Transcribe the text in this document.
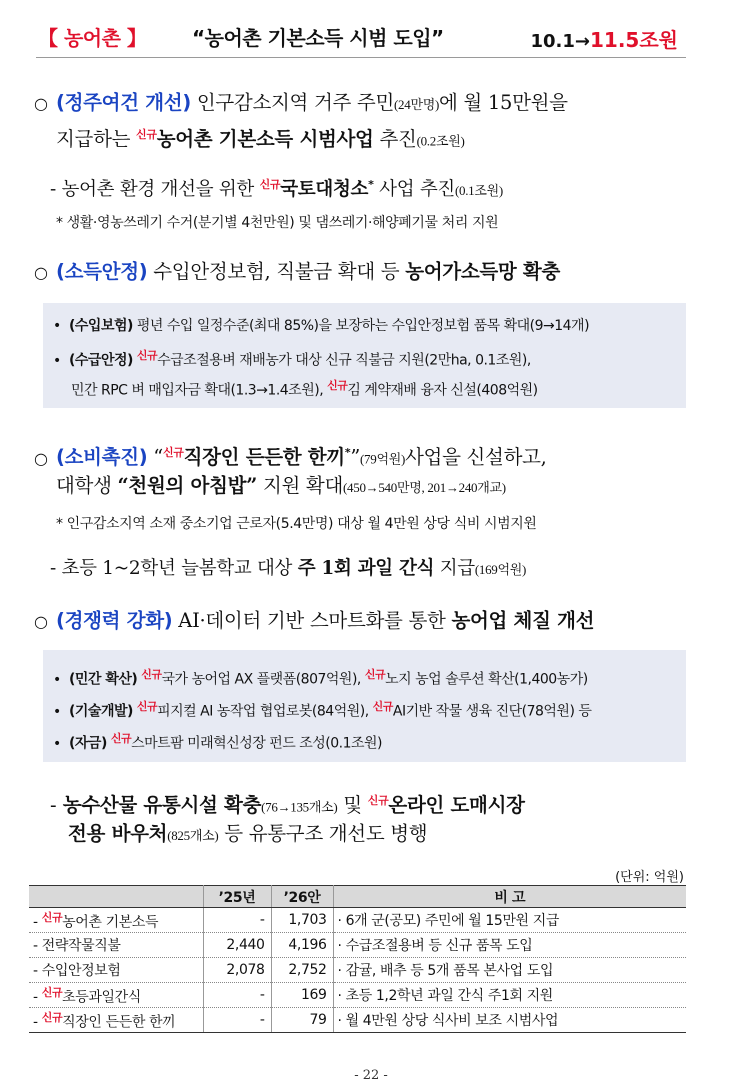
【 농어촌 】 “농어촌 기본소득 시범 도입”	10.1→11.5조원
○ (정주여건 개선) 인구감소지역 거주 주민(24만명)에 월 15만원을
지급하는 $^{신규}$농어촌 기본소득 시범사업 추진(0.2조원)
- 농어촌 환경 개선을 위한 $^{신규}$국토대청소* 사업 추진(0.1조원)
* 생활·영농쓰레기 수거(분기별 4천만원) 및 댐쓰레기·해양폐기물 처리 지원
○ (소득안정) 수입안정보험, 직불금 확대 등 농어가소득망 확충
• (수입보험) 평년 수입 일정수준(최대 85%)을 보장하는 수입안정보험 품목 확대(9→14개)
• (수급안정) $^{신규}$수급조절용벼 재배농가 대상 신규 직불금 지원(2만ha, 0.1조원),
민간 RPC 벼 매입자금 확대(1.3→1.4조원), $^{신규}$김 계약재배 융자 신설(408억원)
○ (소비촉진) “$^{신규}$직장인 든든한 한끼*”(79억원)사업을 신설하고,
대학생 “천원의 아침밥” 지원 확대(450→540만명, 201→240개교)
* 인구감소지역 소재 중소기업 근로자(5.4만명) 대상 월 4만원 상당 식비 시범지원
- 초등 1~2학년 늘봄학교 대상 주 1회 과일 간식 지급(169억원)
○ (경쟁력 강화) AI·데이터 기반 스마트화를 통한 농어업 체질 개선
• (민간 확산) $^{신규}$국가 농어업 AX 플랫폼(807억원), $^{신규}$노지 농업 솔루션 확산(1,400농가)
• (기술개발) $^{신규}$피지컬 AI 농작업 협업로봇(84억원), $^{신규}$AI기반 작물 생육 진단(78억원) 등
• (자금) $^{신규}$스마트팜 미래혁신성장 펀드 조성(0.1조원)
- 농수산물 유통시설 확충(76→135개소) 및 $^{신규}$온라인 도매시장
전용 바우처(825개소) 등 유통구조 개선도 병행
(단위: 억원)
	’25년	’26안	비 고
- $^{신규}$농어촌 기본소득	-	1,703	· 6개 군(공모) 주민에 월 15만원 지급
- 전략작물직불	2,440	4,196	· 수급조절용벼 등 신규 품목 도입
- 수입안정보험	2,078	2,752	· 감귤, 배추 등 5개 품목 본사업 도입
- $^{신규}$초등과일간식	-	169	· 초등 1,2학년 과일 간식 주1회 지원
- $^{신규}$직장인 든든한 한끼	-	79	· 월 4만원 상당 식사비 보조 시범사업
- 22 -
